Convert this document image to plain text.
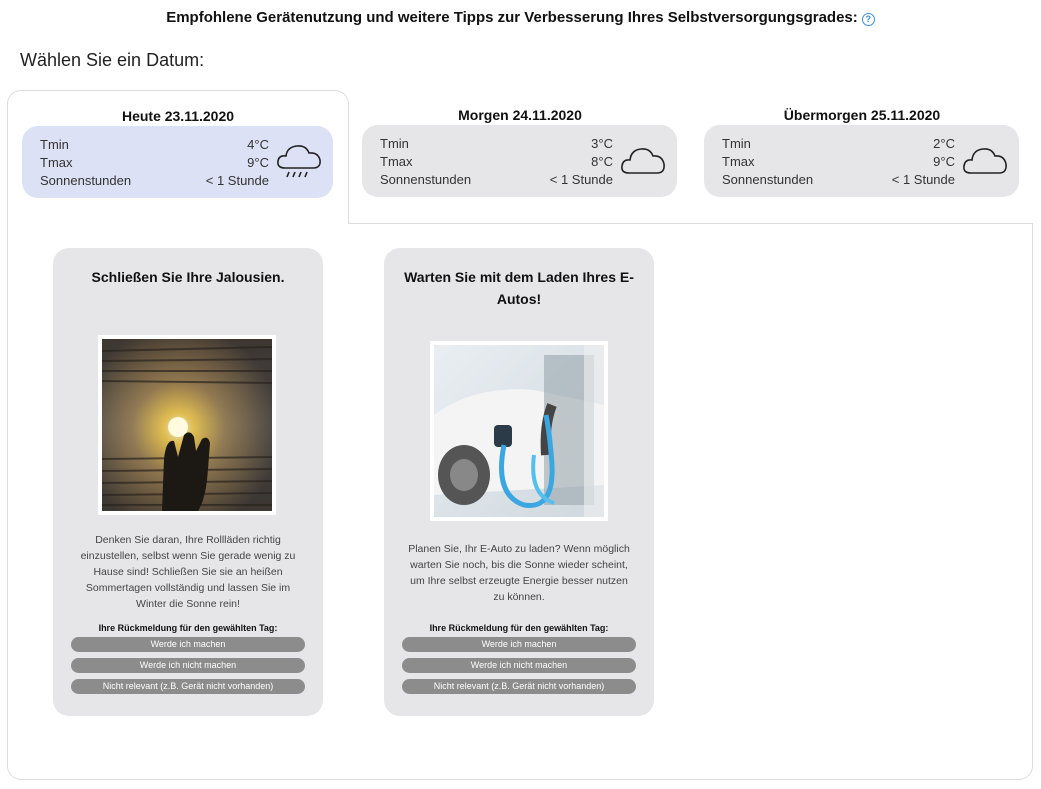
Empfohlene Gerätenutzung und weitere Tipps zur Verbesserung Ihres Selbstversorgungsgrades: ?
Wählen Sie ein Datum:
Heute 23.11.2020
Tmin	4°C
Tmax	9°C
Sonnenstunden	< 1 Stunde
Morgen 24.11.2020
Tmin	3°C
Tmax	8°C
Sonnenstunden	< 1 Stunde
Übermorgen 25.11.2020
Tmin	2°C
Tmax	9°C
Sonnenstunden	< 1 Stunde
Schließen Sie Ihre Jalousien.
Denken Sie daran, Ihre Rollläden richtig einzustellen, selbst wenn Sie gerade wenig zu Hause sind! Schließen Sie sie an heißen Sommertagen vollständig und lassen Sie im Winter die Sonne rein!
Ihre Rückmeldung für den gewählten Tag:
Werde ich machen
Werde ich nicht machen
Nicht relevant (z.B. Gerät nicht vorhanden)
Warten Sie mit dem Laden Ihres E-Autos!
Planen Sie, Ihr E-Auto zu laden? Wenn möglich warten Sie noch, bis die Sonne wieder scheint, um Ihre selbst erzeugte Energie besser nutzen zu können.
Ihre Rückmeldung für den gewählten Tag:
Werde ich machen
Werde ich nicht machen
Nicht relevant (z.B. Gerät nicht vorhanden)
